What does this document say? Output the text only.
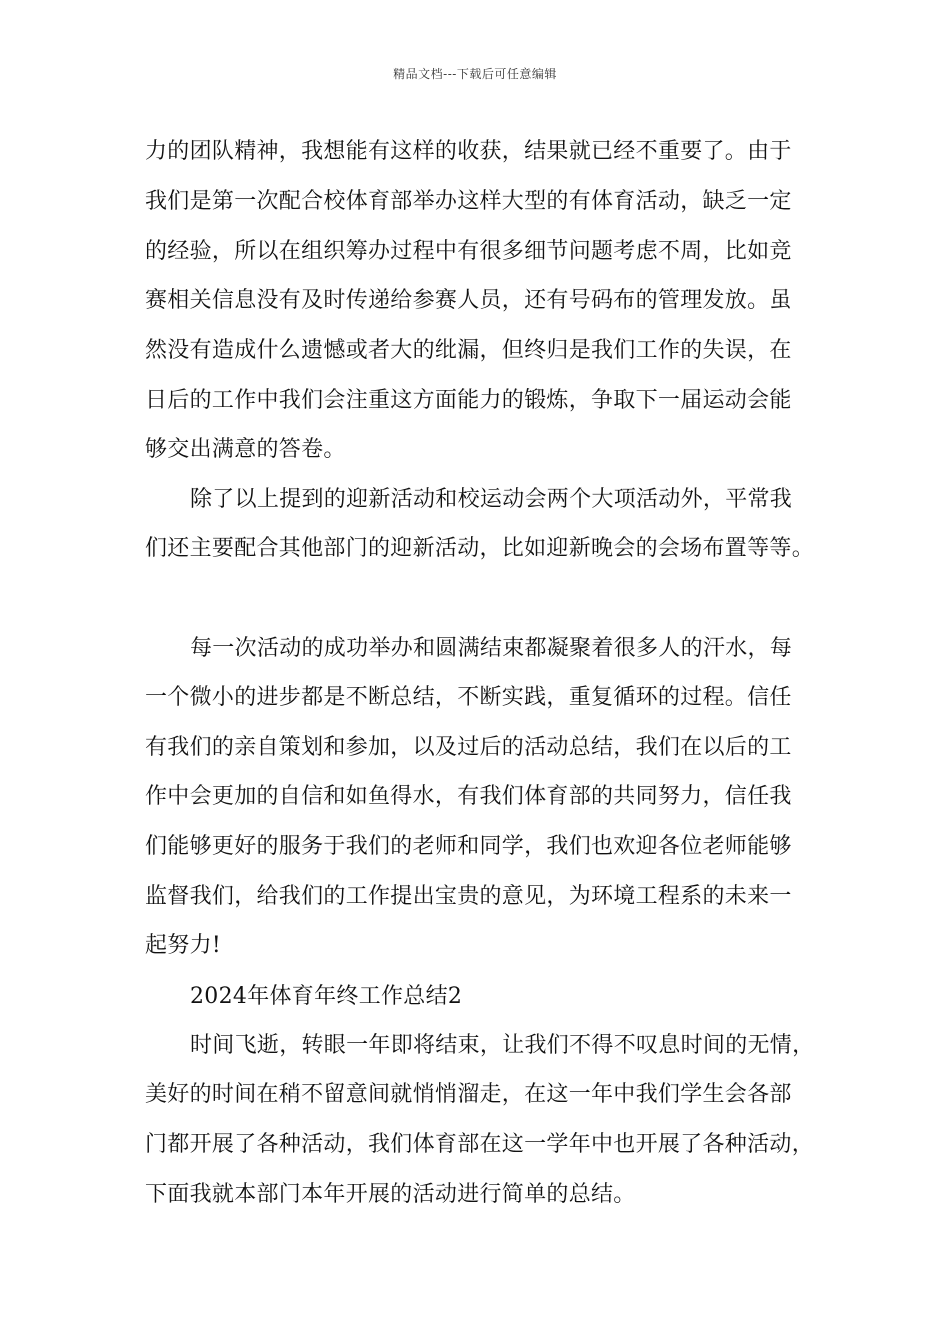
精品文档---下载后可任意编辑
力的团队精神，我想能有这样的收获，结果就已经不重要了。由于
我们是第一次配合校体育部举办这样大型的有体育活动，缺乏一定
的经验，所以在组织筹办过程中有很多细节问题考虑不周，比如竞
赛相关信息没有及时传递给参赛人员，还有号码布的管理发放。虽
然没有造成什么遗憾或者大的纰漏，但终归是我们工作的失误，在
日后的工作中我们会注重这方面能力的锻炼，争取下一届运动会能
够交出满意的答卷。
除了以上提到的迎新活动和校运动会两个大项活动外，平常我
们还主要配合其他部门的迎新活动，比如迎新晚会的会场布置等等。
每一次活动的成功举办和圆满结束都凝聚着很多人的汗水，每
一个微小的进步都是不断总结，不断实践，重复循环的过程。信任
有我们的亲自策划和参加，以及过后的活动总结，我们在以后的工
作中会更加的自信和如鱼得水，有我们体育部的共同努力，信任我
们能够更好的服务于我们的老师和同学，我们也欢迎各位老师能够
监督我们，给我们的工作提出宝贵的意见，为环境工程系的未来一
起努力!
2024年体育年终工作总结2
时间飞逝，转眼一年即将结束，让我们不得不叹息时间的无情，
美好的时间在稍不留意间就悄悄溜走，在这一年中我们学生会各部
门都开展了各种活动，我们体育部在这一学年中也开展了各种活动，
下面我就本部门本年开展的活动进行简单的总结。
